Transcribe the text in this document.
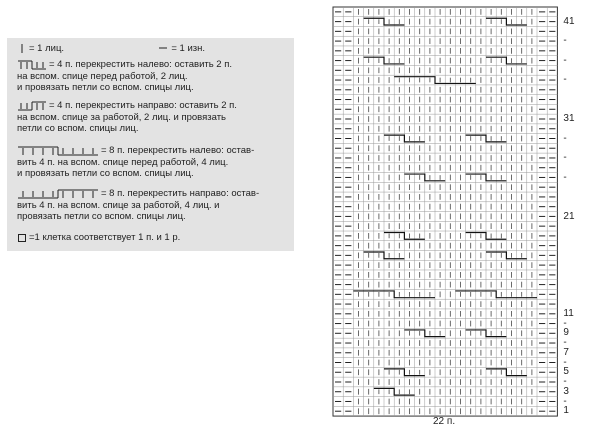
= 1 лиц.	= 1 изн.
= 4 п. перекрестить налево: оставить 2 п.
на вспом. спице перед работой, 2 лиц.
и провязать петли со вспом. спицы лиц.
= 4 п. перекрестить направо: оставить 2 п.
на вспом. спице за работой, 2 лиц. и провязать
петли со вспом. спицы лиц.
= 8 п. перекрестить налево: остав-
вить 4 п. на вспом. спице перед работой, 4 лиц.
и провязать петли со вспом. спицы лиц.
= 8 п. перекрестить направо: остав-
вить 4 п. на вспом. спице за работой, 4 лиц. и
провязать петли со вспом. спицы лиц.
=1 клетка соответствует 1 п. и 1 р.
1
-
3
-
5
-
7
-
9
-
11
21
-
-
-
31
-
-
-
41
22 п.
